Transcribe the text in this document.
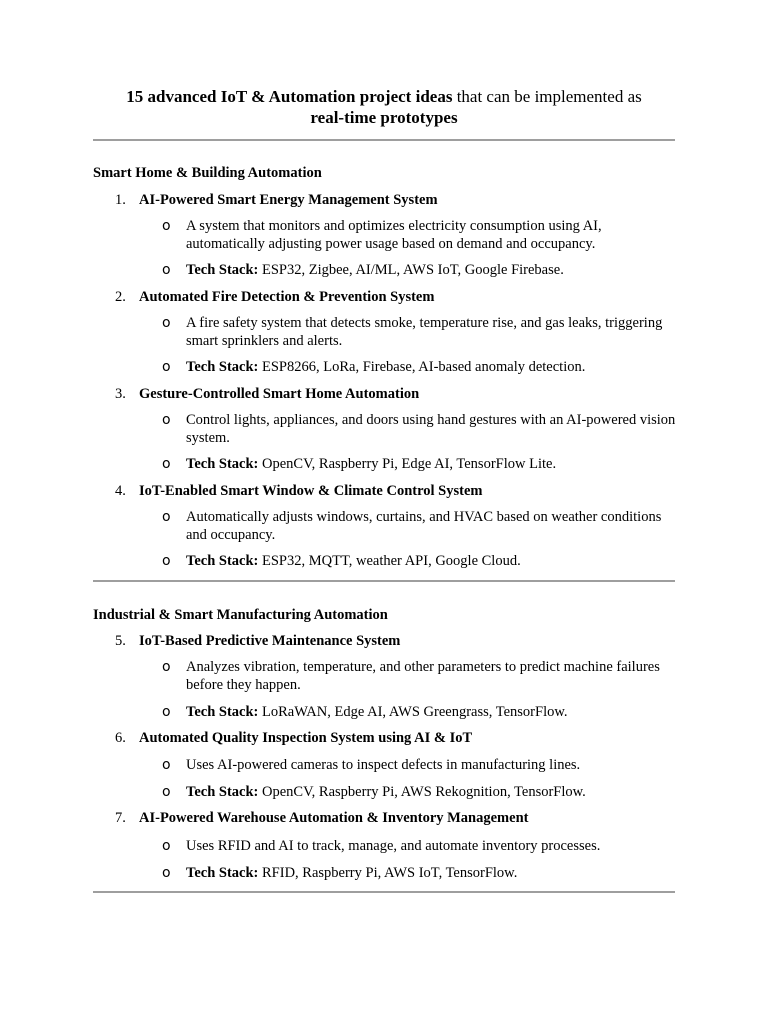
15 advanced IoT & Automation project ideas that can be implemented as
real-time prototypes
Smart Home & Building Automation
1. AI-Powered Smart Energy Management System
o A system that monitors and optimizes electricity consumption using AI, automatically adjusting power usage based on demand and occupancy.
o Tech Stack: ESP32, Zigbee, AI/ML, AWS IoT, Google Firebase.
2. Automated Fire Detection & Prevention System
o A fire safety system that detects smoke, temperature rise, and gas leaks, triggering smart sprinklers and alerts.
o Tech Stack: ESP8266, LoRa, Firebase, AI-based anomaly detection.
3. Gesture-Controlled Smart Home Automation
o Control lights, appliances, and doors using hand gestures with an AI-powered vision system.
o Tech Stack: OpenCV, Raspberry Pi, Edge AI, TensorFlow Lite.
4. IoT-Enabled Smart Window & Climate Control System
o Automatically adjusts windows, curtains, and HVAC based on weather conditions and occupancy.
o Tech Stack: ESP32, MQTT, weather API, Google Cloud.
Industrial & Smart Manufacturing Automation
5. IoT-Based Predictive Maintenance System
o Analyzes vibration, temperature, and other parameters to predict machine failures before they happen.
o Tech Stack: LoRaWAN, Edge AI, AWS Greengrass, TensorFlow.
6. Automated Quality Inspection System using AI & IoT
o Uses AI-powered cameras to inspect defects in manufacturing lines.
o Tech Stack: OpenCV, Raspberry Pi, AWS Rekognition, TensorFlow.
7. AI-Powered Warehouse Automation & Inventory Management
o Uses RFID and AI to track, manage, and automate inventory processes.
o Tech Stack: RFID, Raspberry Pi, AWS IoT, TensorFlow.
